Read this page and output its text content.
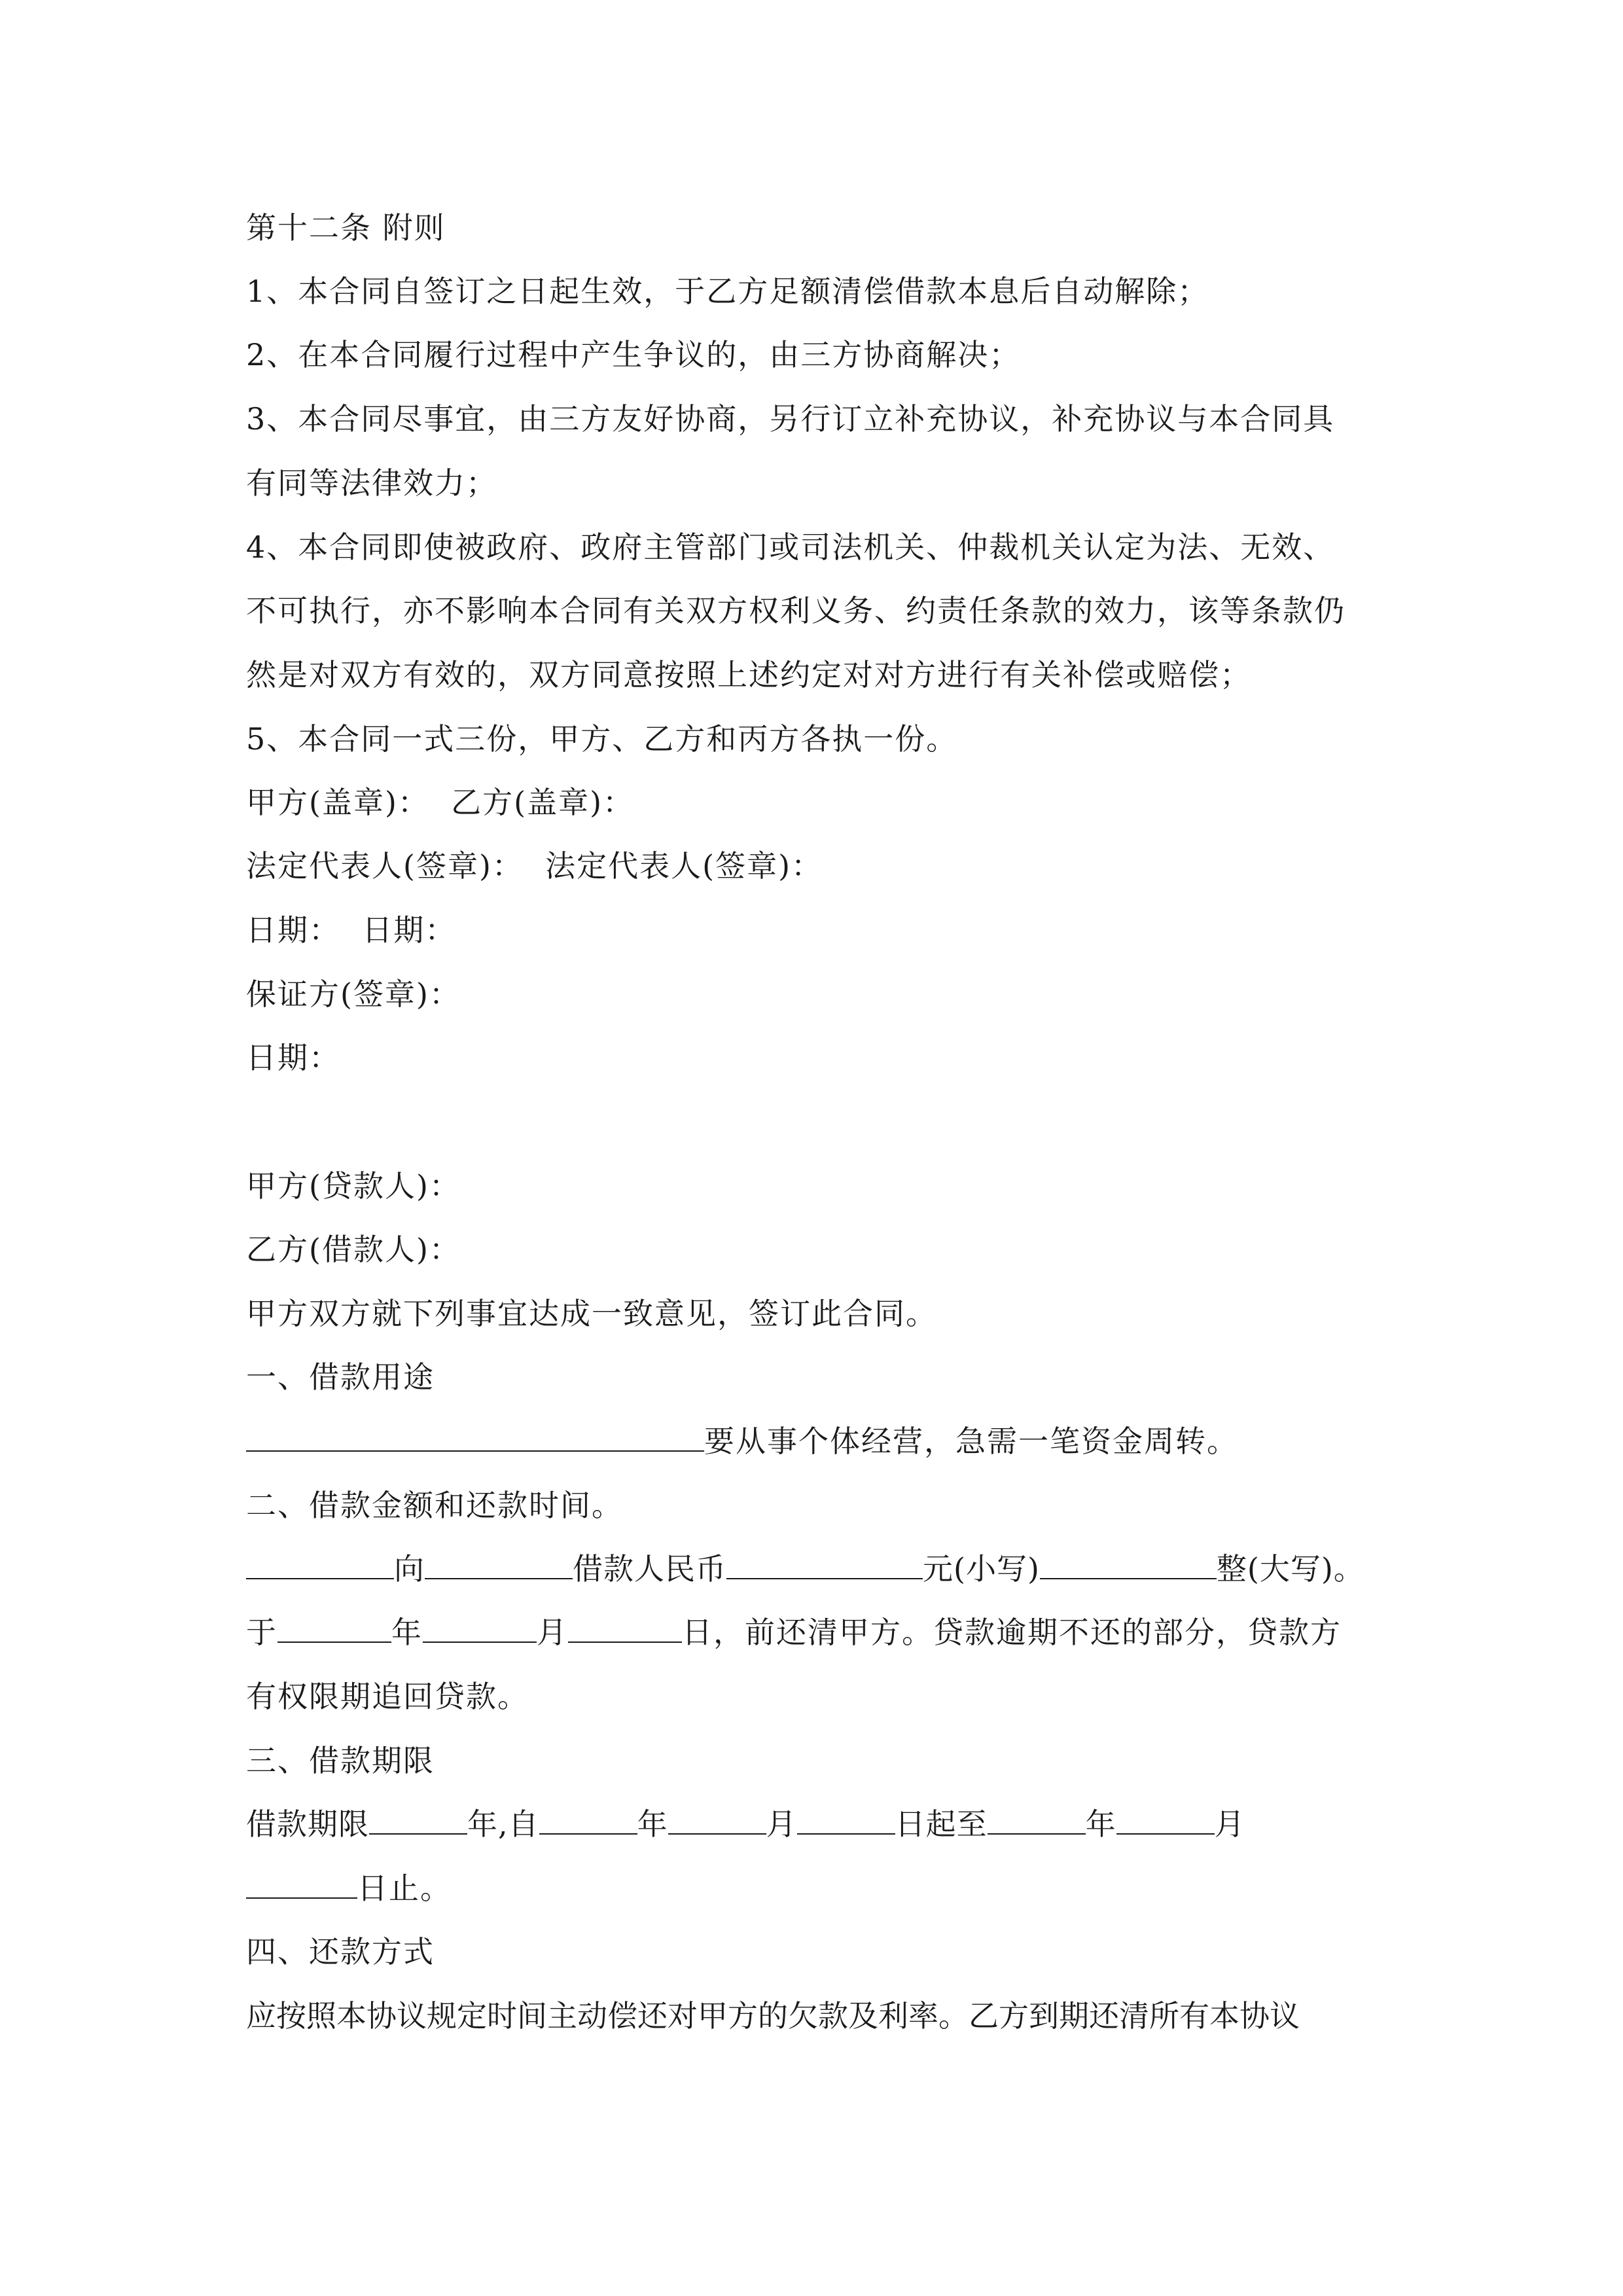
第十二条 附则
1、本合同自签订之日起生效，于乙方足额清偿借款本息后自动解除；
2、在本合同履行过程中产生争议的，由三方协商解决；
3、本合同尽事宜，由三方友好协商，另行订立补充协议，补充协议与本合同具
有同等法律效力；
4、本合同即使被政府、政府主管部门或司法机关、仲裁机关认定为法、无效、
不可执行，亦不影响本合同有关双方权利义务、约责任条款的效力，该等条款仍
然是对双方有效的，双方同意按照上述约定对对方进行有关补偿或赔偿；
5、本合同一式三份，甲方、乙方和丙方各执一份。
甲方(盖章)：  乙方(盖章)：
法定代表人(签章)：  法定代表人(签章)：
日期：  日期：
保证方(签章)：
日期：
甲方(贷款人)：
乙方(借款人)：
甲方双方就下列事宜达成一致意见，签订此合同。
一、借款用途
要从事个体经营，急需一笔资金周转。
二、借款金额和还款时间。
向	借款人民币	元(小写)	整(大写)。
于	年	月	日，前还清甲方。贷款逾期不还的部分，贷款方
有权限期追回贷款。
三、借款期限
借款期限	年,自	年	月	日起至	年	月
日止。
四、还款方式
应按照本协议规定时间主动偿还对甲方的欠款及利率。乙方到期还清所有本协议
